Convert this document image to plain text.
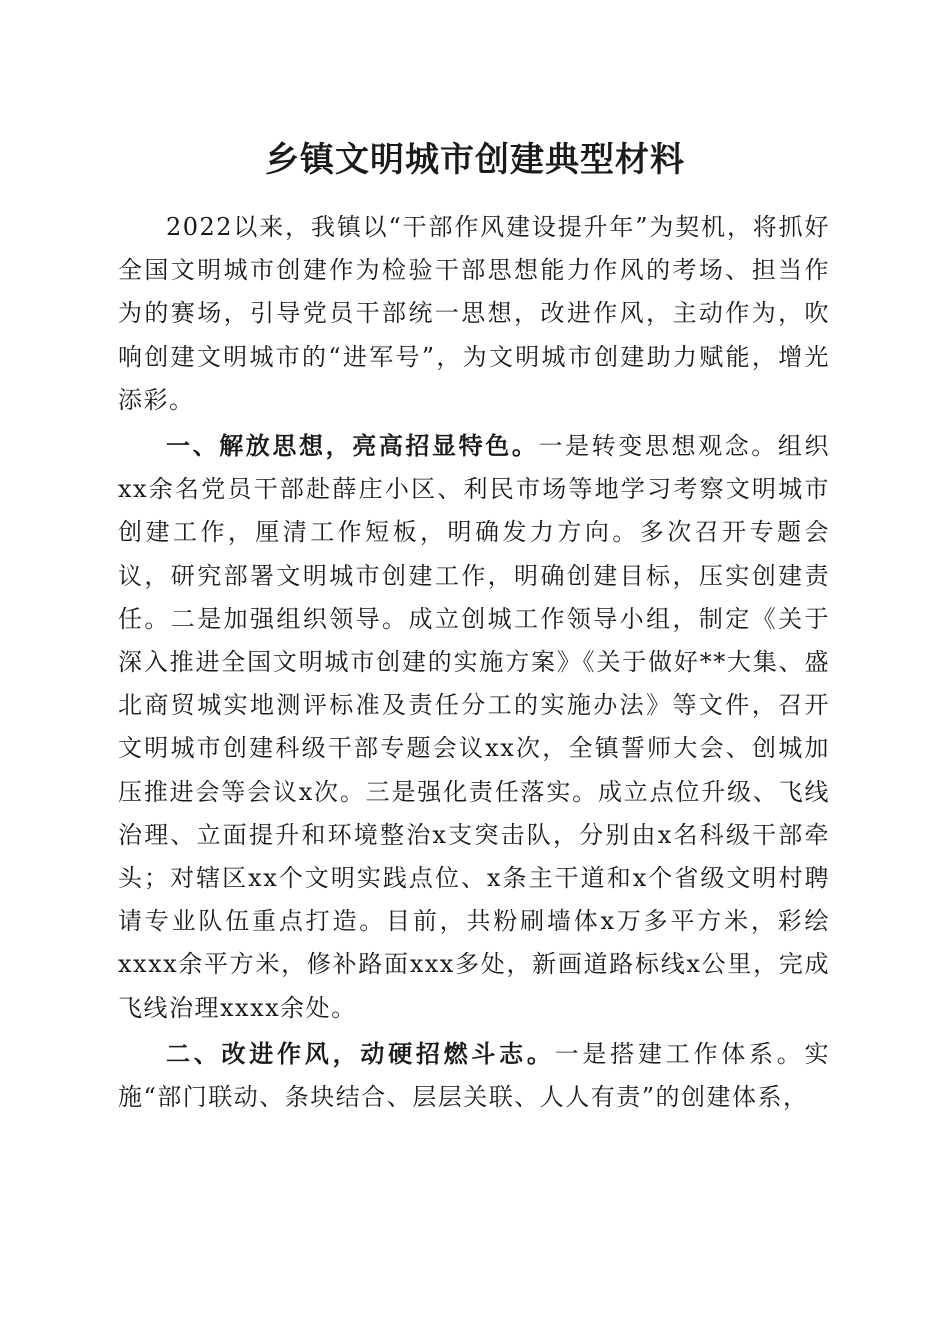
乡镇文明城市创建典型材料

2022以来，我镇以“干部作风建设提升年”为契机，将抓好全国文明城市创建作为检验干部思想能力作风的考场、担当作为的赛场，引导党员干部统一思想，改进作风，主动作为，吹响创建文明城市的“进军号”，为文明城市创建助力赋能，增光添彩。

一、解放思想，亮高招显特色。一是转变思想观念。组织xx余名党员干部赴薛庄小区、利民市场等地学习考察文明城市创建工作，厘清工作短板，明确发力方向。多次召开专题会议，研究部署文明城市创建工作，明确创建目标，压实创建责任。二是加强组织领导。成立创城工作领导小组，制定《关于深入推进全国文明城市创建的实施方案》《关于做好**大集、盛北商贸城实地测评标准及责任分工的实施办法》等文件，召开文明城市创建科级干部专题会议xx次，全镇誓师大会、创城加压推进会等会议x次。三是强化责任落实。成立点位升级、飞线治理、立面提升和环境整治x支突击队，分别由x名科级干部牵头；对辖区xx个文明实践点位、x条主干道和x个省级文明村聘请专业队伍重点打造。目前，共粉刷墙体x万多平方米，彩绘xxxx余平方米，修补路面xxx多处，新画道路标线x公里，完成飞线治理xxxx余处。

二、改进作风，动硬招燃斗志。一是搭建工作体系。实施“部门联动、条块结合、层层关联、人人有责”的创建体系，
